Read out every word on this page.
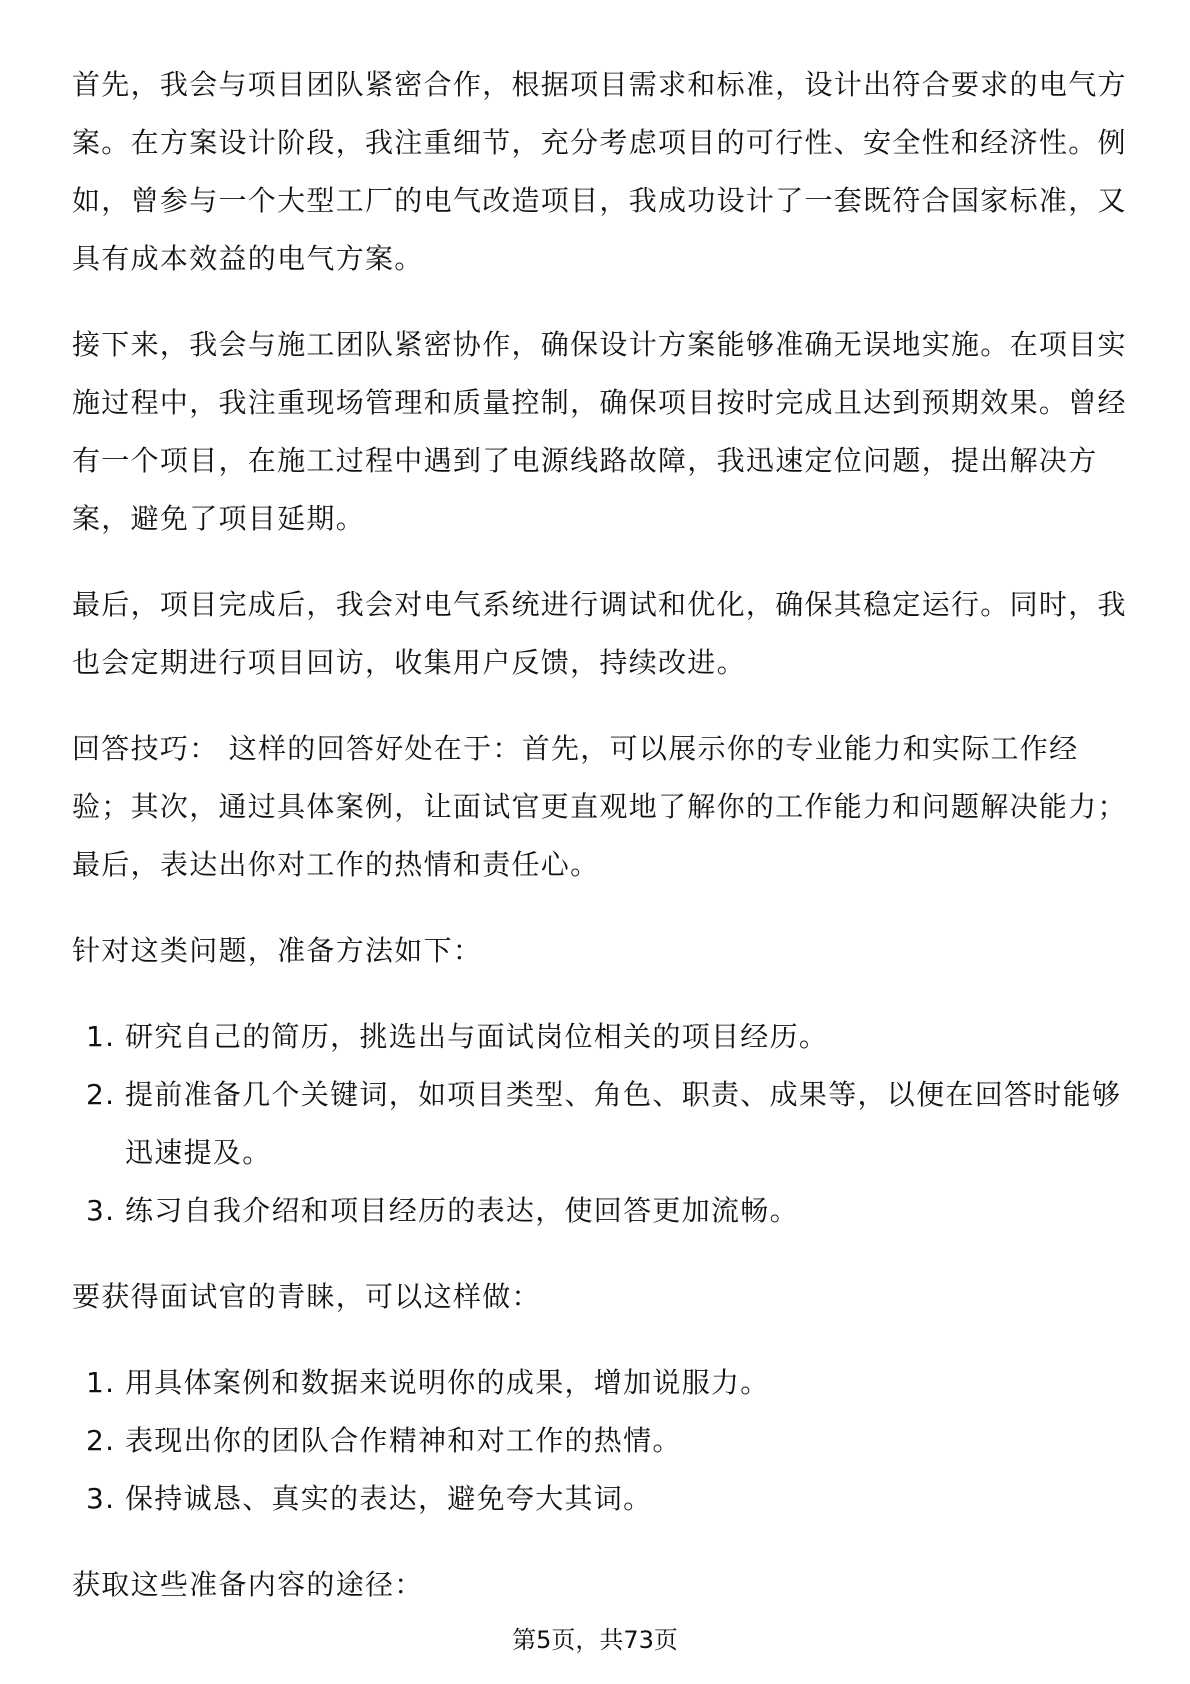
首先，我会与项目团队紧密合作，根据项目需求和标准，设计出符合要求的电气方案。在方案设计阶段，我注重细节，充分考虑项目的可行性、安全性和经济性。例如，曾参与一个大型工厂的电气改造项目，我成功设计了一套既符合国家标准，又具有成本效益的电气方案。

接下来，我会与施工团队紧密协作，确保设计方案能够准确无误地实施。在项目实施过程中，我注重现场管理和质量控制，确保项目按时完成且达到预期效果。曾经有一个项目，在施工过程中遇到了电源线路故障，我迅速定位问题，提出解决方案，避免了项目延期。

最后，项目完成后，我会对电气系统进行调试和优化，确保其稳定运行。同时，我也会定期进行项目回访，收集用户反馈，持续改进。

回答技巧： 这样的回答好处在于：首先，可以展示你的专业能力和实际工作经验；其次，通过具体案例，让面试官更直观地了解你的工作能力和问题解决能力；最后，表达出你对工作的热情和责任心。

针对这类问题，准备方法如下：

1. 研究自己的简历，挑选出与面试岗位相关的项目经历。
2. 提前准备几个关键词，如项目类型、角色、职责、成果等，以便在回答时能够迅速提及。
3. 练习自我介绍和项目经历的表达，使回答更加流畅。

要获得面试官的青睐，可以这样做：

1. 用具体案例和数据来说明你的成果，增加说服力。
2. 表现出你的团队合作精神和对工作的热情。
3. 保持诚恳、真实的表达，避免夸大其词。

获取这些准备内容的途径：

第5页，共73页
